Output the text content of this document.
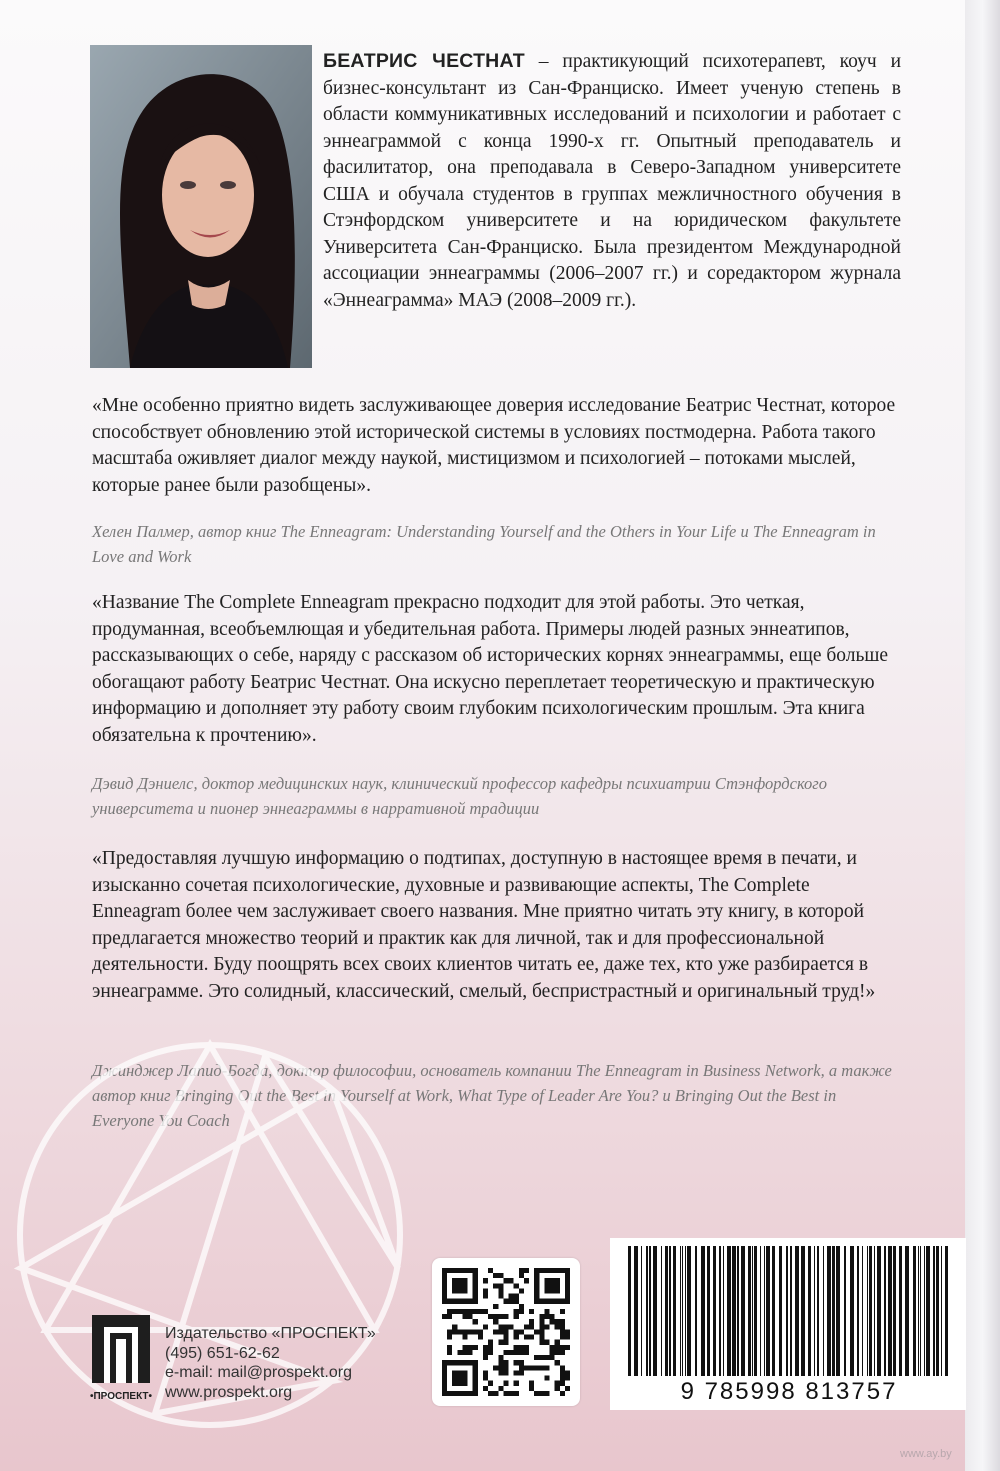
БЕАТРИС ЧЕСТНАТ – практикующий психотерапевт, коуч и бизнес-консультант из Сан-Франциско. Имеет ученую степень в области коммуникативных исследований и психологии и работает с эннеаграммой с конца 1990-х гг. Опытный преподаватель и фасилитатор, она преподавала в Северо-Западном университете США и обучала студентов в группах межличностного обучения в Стэнфордском университете и на юридическом факультете Университета Сан-Франциско. Была президентом Международной ассоциации эннеаграммы (2006–2007 гг.) и соредактором журнала «Эннеаграмма» МАЭ (2008–2009 гг.).

«Мне особенно приятно видеть заслуживающее доверия исследование Беатрис Честнат, которое способствует обновлению этой исторической системы в условиях постмодерна. Работа такого масштаба оживляет диалог между наукой, мистицизмом и психологией – потоками мыслей, которые ранее были разобщены».

Хелен Палмер, автор книг The Enneagram: Understanding Yourself and the Others in Your Life и The Enneagram in Love and Work

«Название The Complete Enneagram прекрасно подходит для этой работы. Это четкая, продуманная, всеобъемлющая и убедительная работа. Примеры людей разных эннеатипов, рассказывающих о себе, наряду с рассказом об исторических корнях эннеаграммы, еще больше обогащают работу Беатрис Честнат. Она искусно переплетает теоретическую и практическую информацию и дополняет эту работу своим глубоким психологическим прошлым. Эта книга обязательна к прочтению».

Дэвид Дэниелс, доктор медицинских наук, клинический профессор кафедры психиатрии Стэнфордского университета и пионер эннеаграммы в нарративной традиции

«Предоставляя лучшую информацию о подтипах, доступную в настоящее время в печати, и изысканно сочетая психологические, духовные и развивающие аспекты, The Complete Enneagram более чем заслуживает своего названия. Мне приятно читать эту книгу, в которой предлагается множество теорий и практик как для личной, так и для профессиональной деятельности. Буду поощрять всех своих клиентов читать ее, даже тех, кто уже разбирается в эннеаграмме. Это солидный, классический, смелый, беспристрастный и оригинальный труд!»

Джинджер Лапид-Богда, доктор философии, основатель компании The Enneagram in Business Network, а также автор книг Bringing Out the Best in Yourself at Work, What Type of Leader Are You? и Bringing Out the Best in Everyone You Coach

•ПРОСПЕКТ•
Издательство «ПРОСПЕКТ»
(495) 651-62-62
e-mail: mail@prospekt.org
www.prospekt.org	9 785998 813757
www.ay.by
